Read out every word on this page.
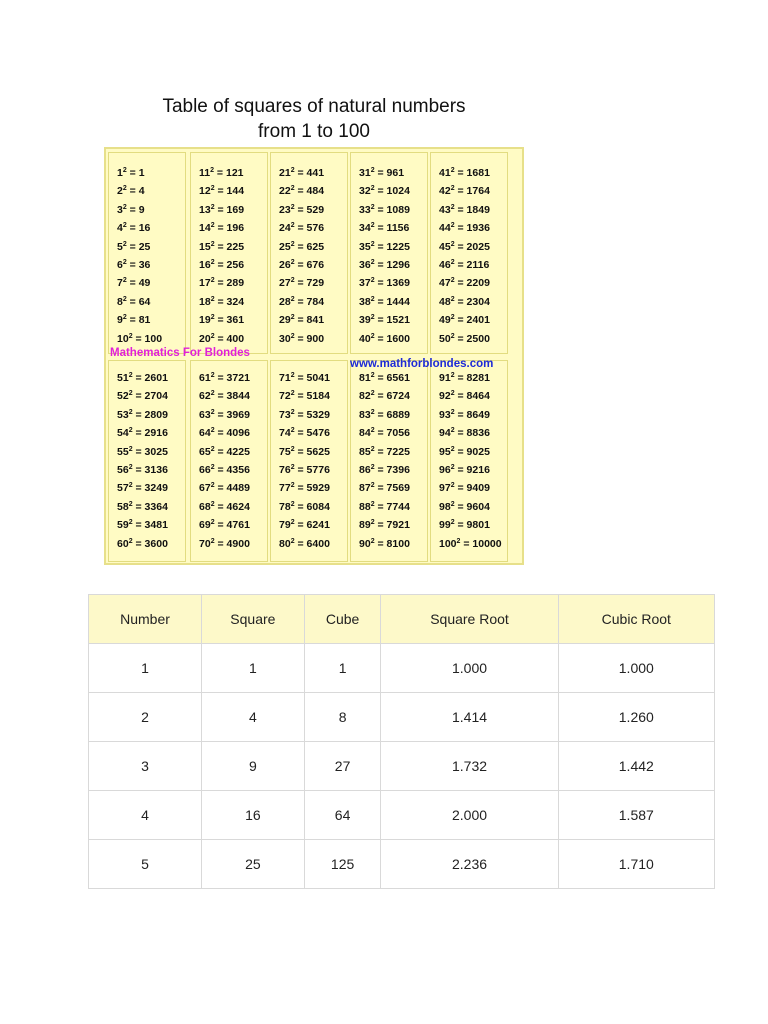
Table of squares of natural numbers
from 1 to 100
$1^2 = 1$
$2^2 = 4$
$3^2 = 9$
$4^2 = 16$
$5^2 = 25$
$6^2 = 36$
$7^2 = 49$
$8^2 = 64$
$9^2 = 81$
$10^2 = 100$
$11^2 = 121$
$12^2 = 144$
$13^2 = 169$
$14^2 = 196$
$15^2 = 225$
$16^2 = 256$
$17^2 = 289$
$18^2 = 324$
$19^2 = 361$
$20^2 = 400$
$21^2 = 441$
$22^2 = 484$
$23^2 = 529$
$24^2 = 576$
$25^2 = 625$
$26^2 = 676$
$27^2 = 729$
$28^2 = 784$
$29^2 = 841$
$30^2 = 900$
$31^2 = 961$
$32^2 = 1024$
$33^2 = 1089$
$34^2 = 1156$
$35^2 = 1225$
$36^2 = 1296$
$37^2 = 1369$
$38^2 = 1444$
$39^2 = 1521$
$40^2 = 1600$
$41^2 = 1681$
$42^2 = 1764$
$43^2 = 1849$
$44^2 = 1936$
$45^2 = 2025$
$46^2 = 2116$
$47^2 = 2209$
$48^2 = 2304$
$49^2 = 2401$
$50^2 = 2500$
$51^2 = 2601$
$52^2 = 2704$
$53^2 = 2809$
$54^2 = 2916$
$55^2 = 3025$
$56^2 = 3136$
$57^2 = 3249$
$58^2 = 3364$
$59^2 = 3481$
$60^2 = 3600$
$61^2 = 3721$
$62^2 = 3844$
$63^2 = 3969$
$64^2 = 4096$
$65^2 = 4225$
$66^2 = 4356$
$67^2 = 4489$
$68^2 = 4624$
$69^2 = 4761$
$70^2 = 4900$
$71^2 = 5041$
$72^2 = 5184$
$73^2 = 5329$
$74^2 = 5476$
$75^2 = 5625$
$76^2 = 5776$
$77^2 = 5929$
$78^2 = 6084$
$79^2 = 6241$
$80^2 = 6400$
$81^2 = 6561$
$82^2 = 6724$
$83^2 = 6889$
$84^2 = 7056$
$85^2 = 7225$
$86^2 = 7396$
$87^2 = 7569$
$88^2 = 7744$
$89^2 = 7921$
$90^2 = 8100$
$91^2 = 8281$
$92^2 = 8464$
$93^2 = 8649$
$94^2 = 8836$
$95^2 = 9025$
$96^2 = 9216$
$97^2 = 9409$
$98^2 = 9604$
$99^2 = 9801$
$100^2 = 10000$
Mathematics For Blondes
www.mathforblondes.com
Number	Square	Cube	Square Root	Cubic Root
1	1	1	1.000	1.000
2	4	8	1.414	1.260
3	9	27	1.732	1.442
4	16	64	2.000	1.587
5	25	125	2.236	1.710
